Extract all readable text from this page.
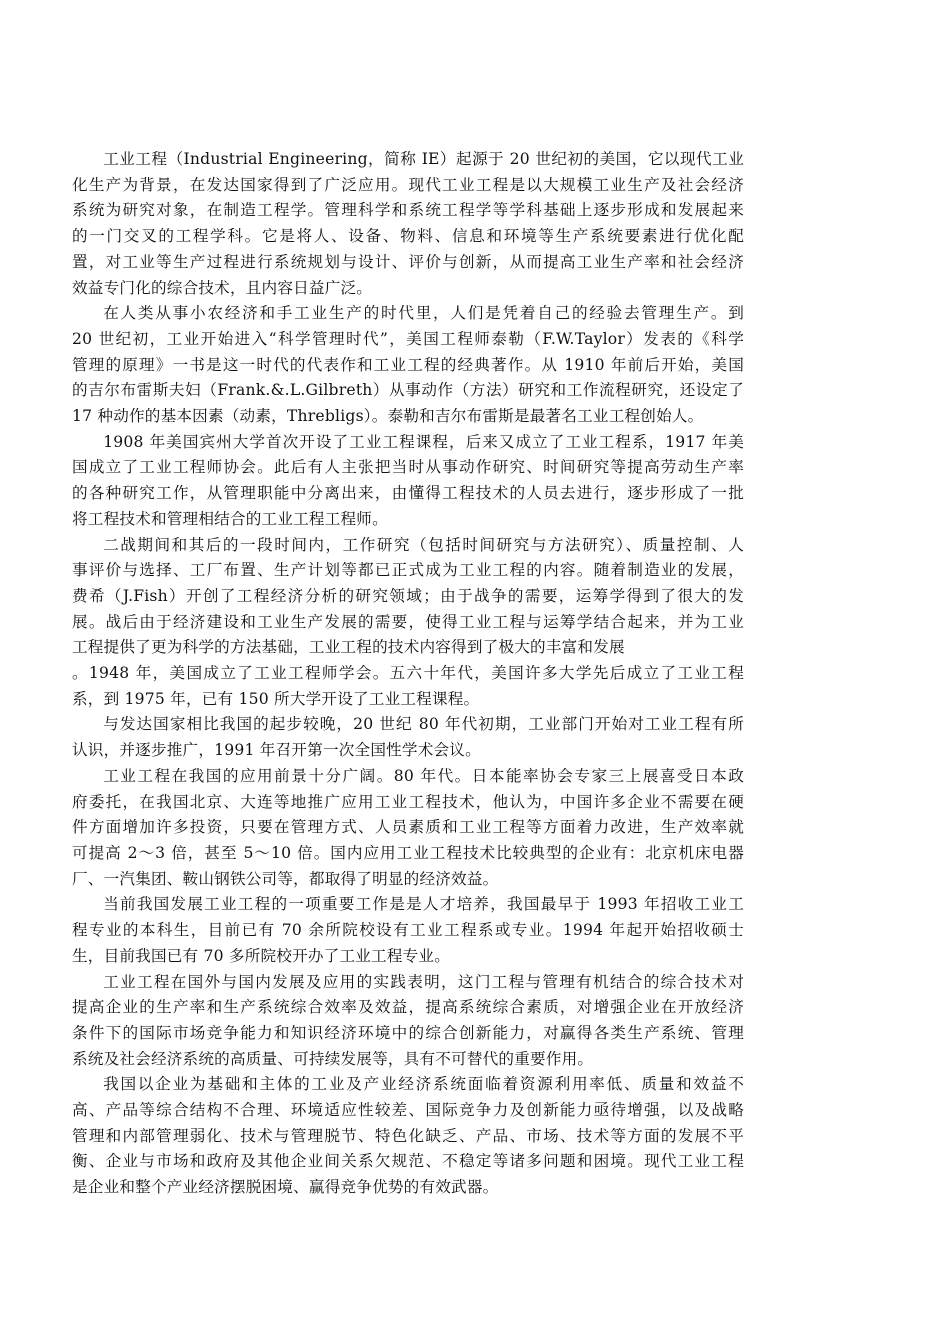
工业工程（Industrial Engineering，简称 IE）起源于 20 世纪初的美国，它以现代工业
化生产为背景，在发达国家得到了广泛应用。现代工业工程是以大规模工业生产及社会经济
系统为研究对象，在制造工程学。管理科学和系统工程学等学科基础上逐步形成和发展起来
的一门交叉的工程学科。它是将人、设备、物料、信息和环境等生产系统要素进行优化配
置，对工业等生产过程进行系统规划与设计、评价与创新，从而提高工业生产率和社会经济
效益专门化的综合技术，且内容日益广泛。
在人类从事小农经济和手工业生产的时代里，人们是凭着自己的经验去管理生产。到
20 世纪初，工业开始进入“科学管理时代”，美国工程师泰勒（F.W.Taylor）发表的《科学
管理的原理》一书是这一时代的代表作和工业工程的经典著作。从 1910 年前后开始，美国
的吉尔布雷斯夫妇（Frank.&.L.Gilbreth）从事动作（方法）研究和工作流程研究，还设定了
17 种动作的基本因素（动素，Threbligs）。泰勒和吉尔布雷斯是最著名工业工程创始人。
1908 年美国宾州大学首次开设了工业工程课程，后来又成立了工业工程系，1917 年美
国成立了工业工程师协会。此后有人主张把当时从事动作研究、时间研究等提高劳动生产率
的各种研究工作，从管理职能中分离出来，由懂得工程技术的人员去进行，逐步形成了一批
将工程技术和管理相结合的工业工程工程师。
二战期间和其后的一段时间内，工作研究（包括时间研究与方法研究）、质量控制、人
事评价与选择、工厂布置、生产计划等都已正式成为工业工程的内容。随着制造业的发展，
费希（J.Fish）开创了工程经济分析的研究领域；由于战争的需要，运筹学得到了很大的发
展。战后由于经济建设和工业生产发展的需要，使得工业工程与运筹学结合起来，并为工业
工程提供了更为科学的方法基础，工业工程的技术内容得到了极大的丰富和发展
。1948 年，美国成立了工业工程师学会。五六十年代，美国许多大学先后成立了工业工程
系，到 1975 年，已有 150 所大学开设了工业工程课程。
与发达国家相比我国的起步较晚，20 世纪 80 年代初期，工业部门开始对工业工程有所
认识，并逐步推广，1991 年召开第一次全国性学术会议。
工业工程在我国的应用前景十分广阔。80 年代。日本能率协会专家三上展喜受日本政
府委托，在我国北京、大连等地推广应用工业工程技术，他认为，中国许多企业不需要在硬
件方面增加许多投资，只要在管理方式、人员素质和工业工程等方面着力改进，生产效率就
可提高 2～3 倍，甚至 5～10 倍。国内应用工业工程技术比较典型的企业有：北京机床电器
厂、一汽集团、鞍山钢铁公司等，都取得了明显的经济效益。
当前我国发展工业工程的一项重要工作是是人才培养，我国最早于 1993 年招收工业工
程专业的本科生，目前已有 70 余所院校设有工业工程系或专业。1994 年起开始招收硕士
生，目前我国已有 70 多所院校开办了工业工程专业。
工业工程在国外与国内发展及应用的实践表明，这门工程与管理有机结合的综合技术对
提高企业的生产率和生产系统综合效率及效益，提高系统综合素质，对增强企业在开放经济
条件下的国际市场竞争能力和知识经济环境中的综合创新能力，对赢得各类生产系统、管理
系统及社会经济系统的高质量、可持续发展等，具有不可替代的重要作用。
我国以企业为基础和主体的工业及产业经济系统面临着资源利用率低、质量和效益不
高、产品等综合结构不合理、环境适应性较差、国际竞争力及创新能力亟待增强，以及战略
管理和内部管理弱化、技术与管理脱节、特色化缺乏、产品、市场、技术等方面的发展不平
衡、企业与市场和政府及其他企业间关系欠规范、不稳定等诸多问题和困境。现代工业工程
是企业和整个产业经济摆脱困境、赢得竞争优势的有效武器。
